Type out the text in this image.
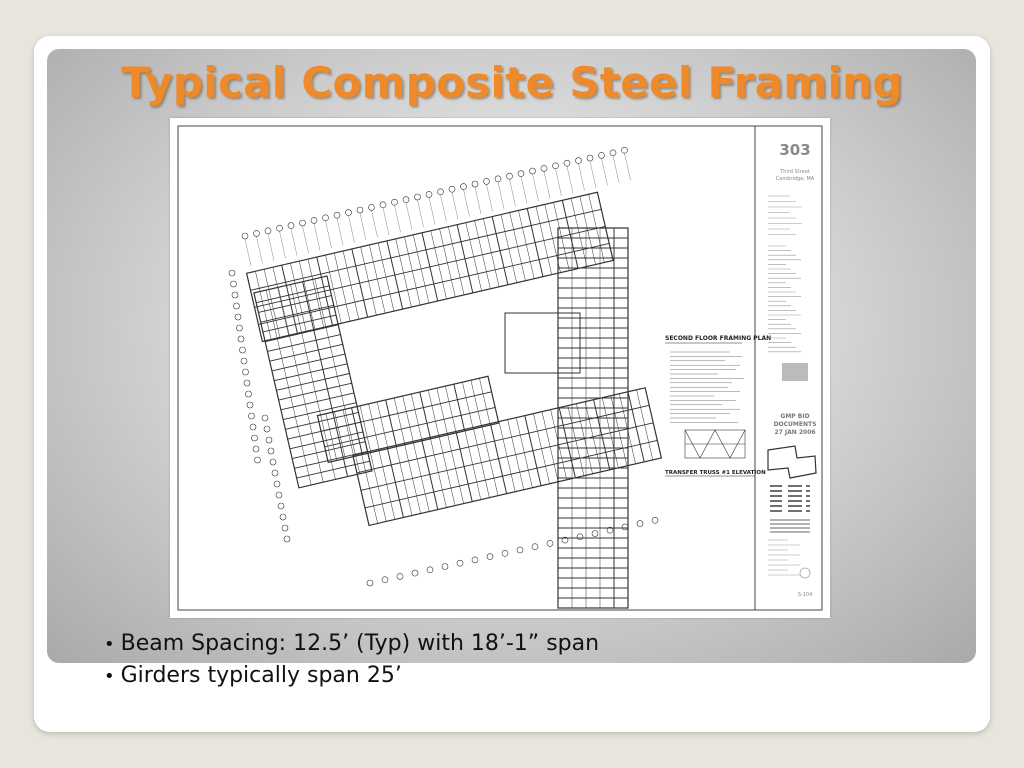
Typical Composite Steel Framing
SECOND FLOOR FRAMING PLAN
TRANSFER TRUSS #1 ELEVATION
303
Third Street
Cambridge, MA
GMP BID
DOCUMENTS
27 JAN 2006
S-104
• Beam Spacing: 12.5’ (Typ) with 18’-1” span
• Girders typically span 25’
